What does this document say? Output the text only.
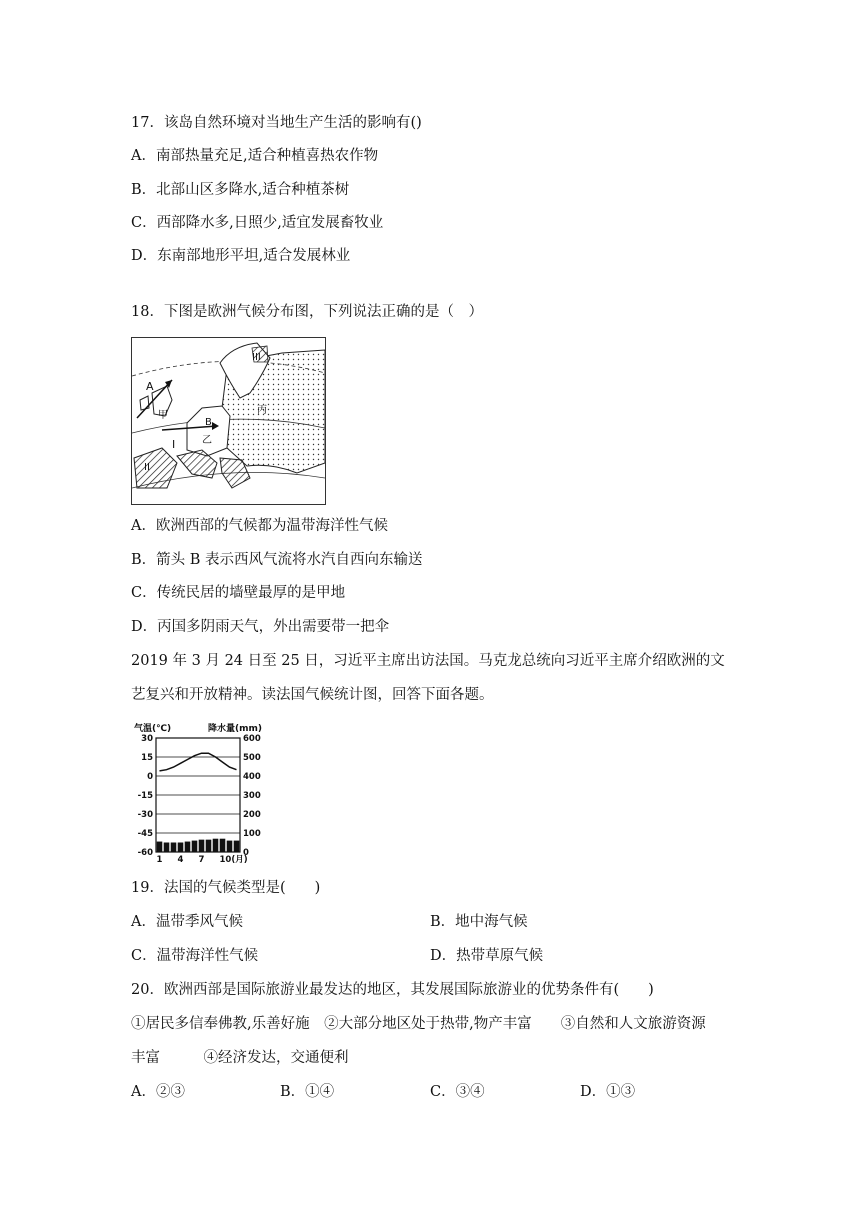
17．该岛自然环境对当地生产生活的影响有()
A．南部热量充足,适合种植喜热农作物
B．北部山区多降水,适合种植茶树
C．西部降水多,日照少,适宜发展畜牧业
D．东南部地形平坦,适合发展林业
18．下图是欧洲气候分布图，下列说法正确的是（　）
A
B
I
II
III
甲
乙
丙
A．欧洲西部的气候都为温带海洋性气候
B．箭头 B 表示西风气流将水汽自西向东输送
C．传统民居的墙壁最厚的是甲地
D．丙国多阴雨天气，外出需要带一把伞
2019 年 3 月 24 日至 25 日，习近平主席出访法国。马克龙总统向习近平主席介绍欧洲的文
艺复兴和开放精神。读法国气候统计图，回答下面各题。
气温(℃)	降水量(mm)
30	600
15	500
0	400
-15	300
-30	200
-45	100
-60	0
1 4 7 10(月)
19．法国的气候类型是(　　)
A．温带季风气候	B．地中海气候
C．温带海洋性气候	D．热带草原气候
20．欧洲西部是国际旅游业最发达的地区，其发展国际旅游业的优势条件有(　　)
①居民多信奉佛教,乐善好施　②大部分地区处于热带,物产丰富　　③自然和人文旅游资源
丰富　　　④经济发达，交通便利
A．②③	B．①④	C．③④	D．①③
